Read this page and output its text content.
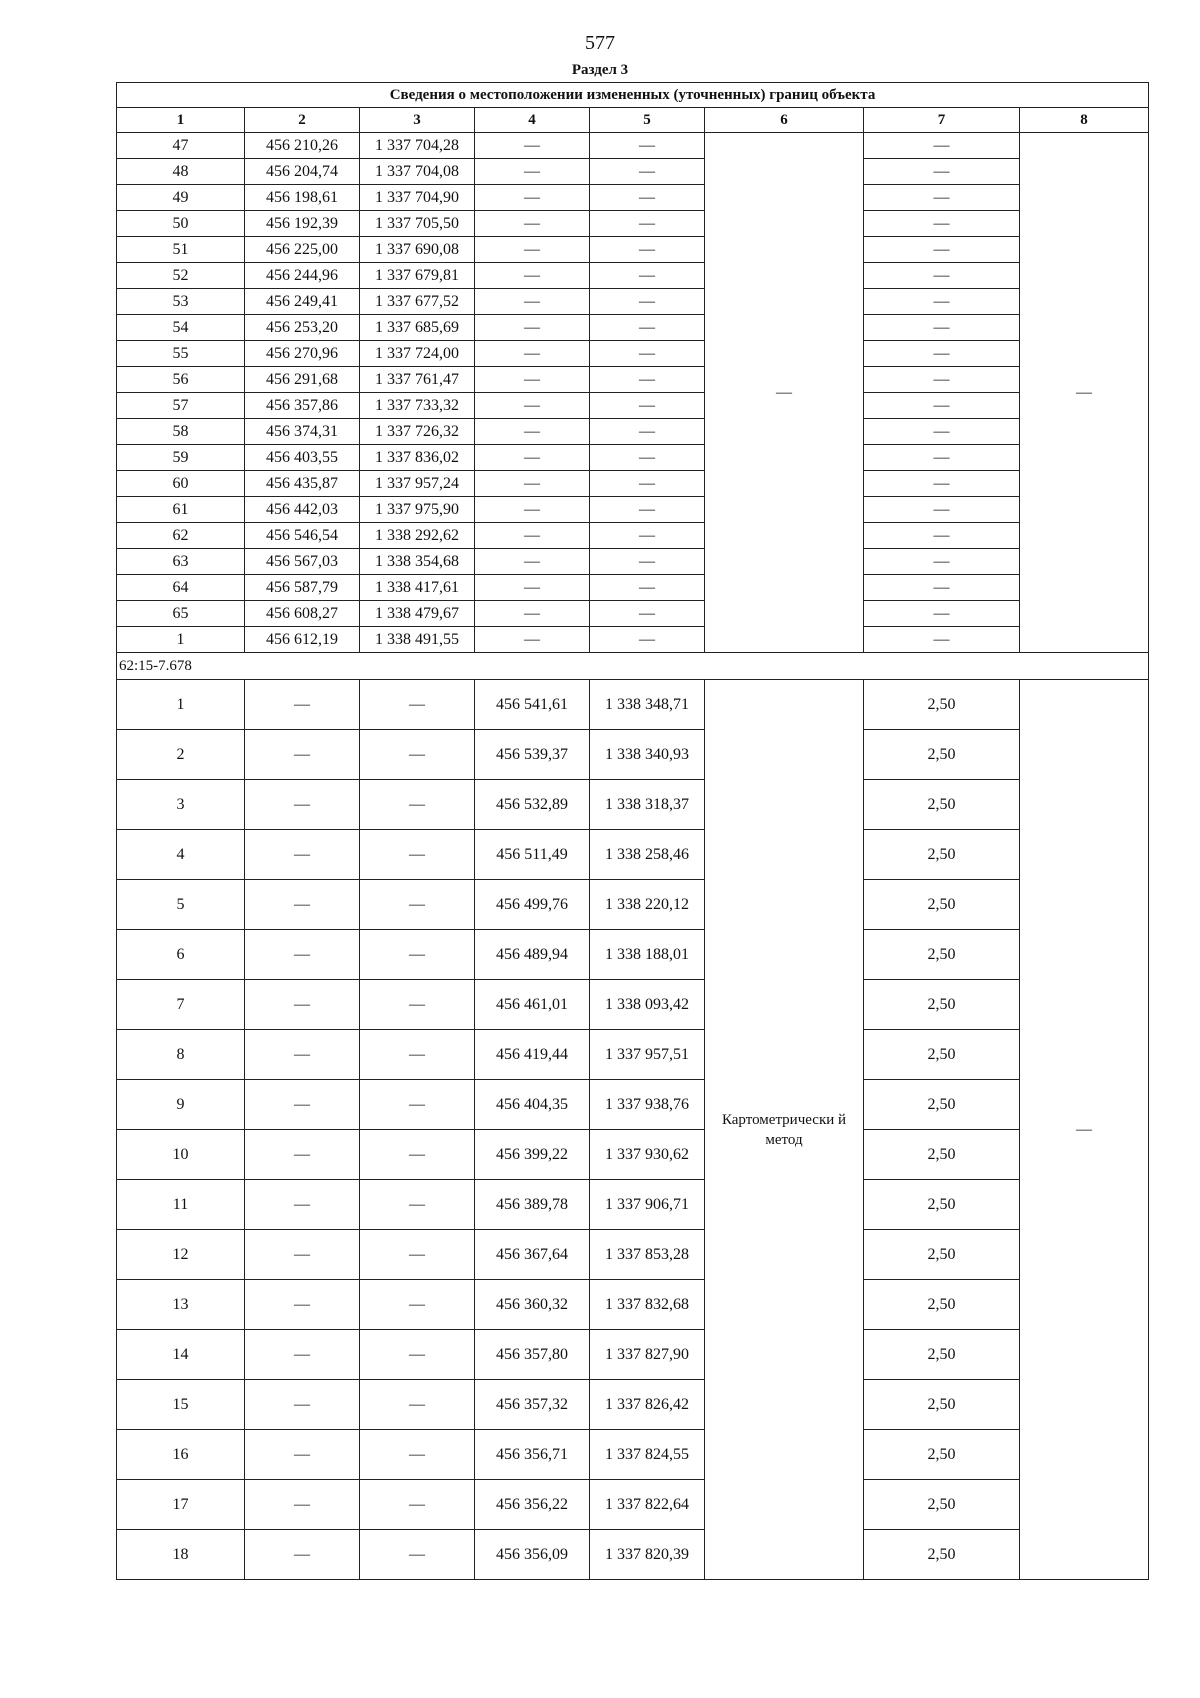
577
Раздел 3
Сведения о местоположении измененных (уточненных) границ объекта							
1	2	3	4	5	6	7	8
47	456 210,26	1 337 704,28	—	—	—	—	—
48	456 204,74	1 337 704,08	—	—		—	
49	456 198,61	1 337 704,90	—	—		—	
50	456 192,39	1 337 705,50	—	—		—	
51	456 225,00	1 337 690,08	—	—		—	
52	456 244,96	1 337 679,81	—	—		—	
53	456 249,41	1 337 677,52	—	—		—	
54	456 253,20	1 337 685,69	—	—		—	
55	456 270,96	1 337 724,00	—	—		—	
56	456 291,68	1 337 761,47	—	—		—	
57	456 357,86	1 337 733,32	—	—		—	
58	456 374,31	1 337 726,32	—	—		—	
59	456 403,55	1 337 836,02	—	—		—	
60	456 435,87	1 337 957,24	—	—		—	
61	456 442,03	1 337 975,90	—	—		—	
62	456 546,54	1 338 292,62	—	—		—	
63	456 567,03	1 338 354,68	—	—		—	
64	456 587,79	1 338 417,61	—	—		—	
65	456 608,27	1 338 479,67	—	—		—	
1	456 612,19	1 338 491,55	—	—		—	
62:15-7.678							
1	—	—	456 541,61	1 338 348,71	Картометрически й метод	2,50	—
2	—	—	456 539,37	1 338 340,93		2,50	
3	—	—	456 532,89	1 338 318,37		2,50	
4	—	—	456 511,49	1 338 258,46		2,50	
5	—	—	456 499,76	1 338 220,12		2,50	
6	—	—	456 489,94	1 338 188,01		2,50	
7	—	—	456 461,01	1 338 093,42		2,50	
8	—	—	456 419,44	1 337 957,51		2,50	
9	—	—	456 404,35	1 337 938,76		2,50	
10	—	—	456 399,22	1 337 930,62		2,50	
11	—	—	456 389,78	1 337 906,71		2,50	
12	—	—	456 367,64	1 337 853,28		2,50	
13	—	—	456 360,32	1 337 832,68		2,50	
14	—	—	456 357,80	1 337 827,90		2,50	
15	—	—	456 357,32	1 337 826,42		2,50	
16	—	—	456 356,71	1 337 824,55		2,50	
17	—	—	456 356,22	1 337 822,64		2,50	
18	—	—	456 356,09	1 337 820,39		2,50	
